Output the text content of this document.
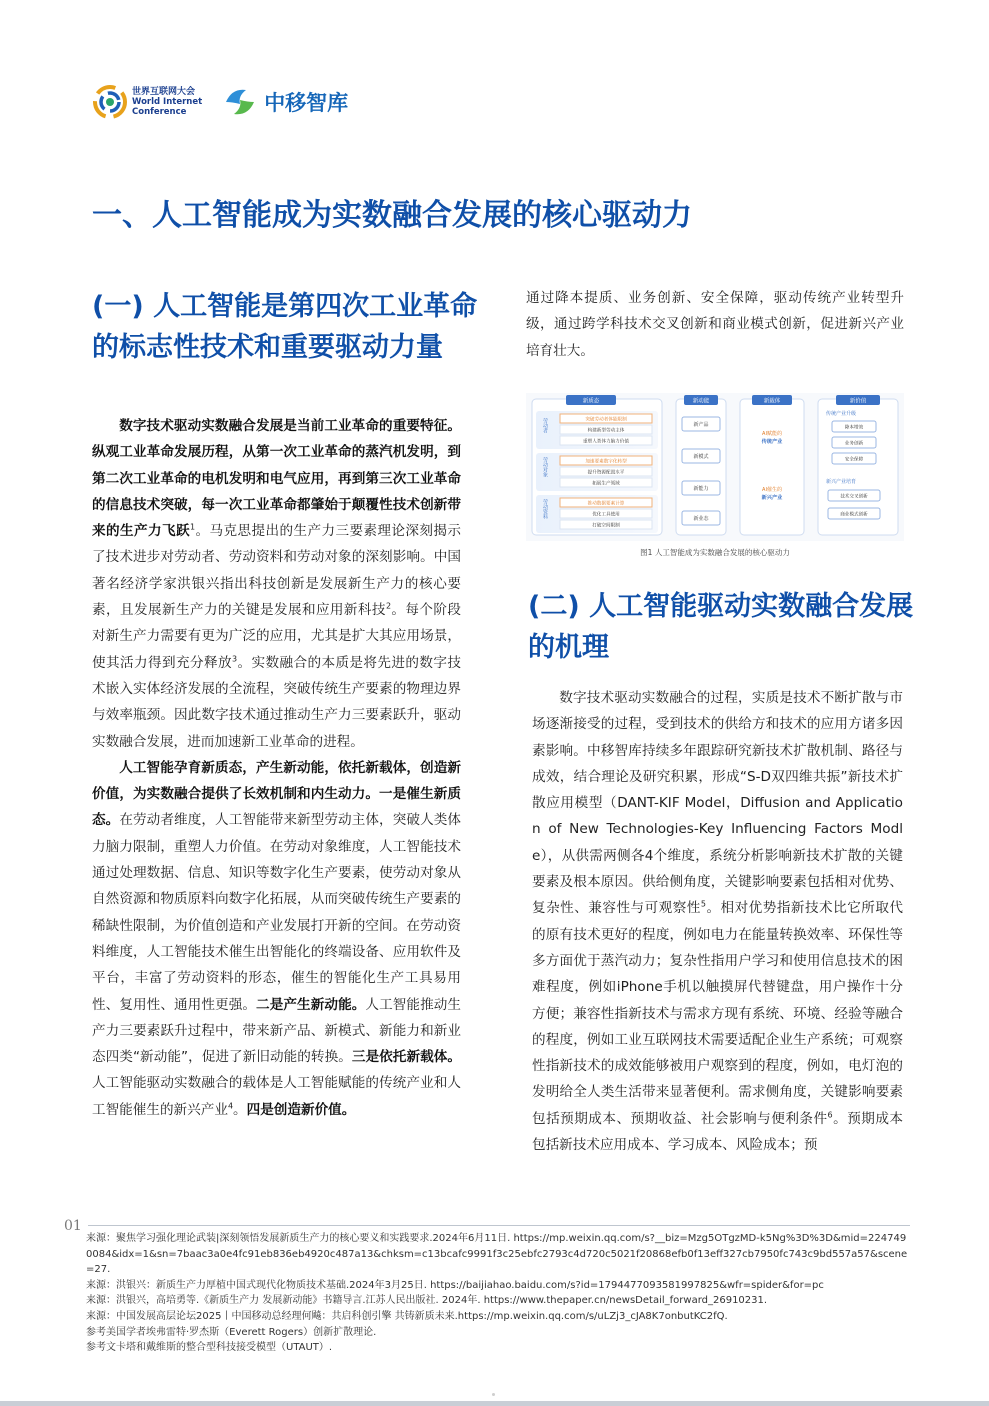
世界互联网大会
World Internet
Conference	中移智库
一、人工智能成为实数融合发展的核心驱动力
(一) 人工智能是第四次工业革命的标志性技术和重要驱动力量

数字技术驱动实数融合发展是当前工业革命的重要特征。纵观工业革命发展历程，从第一次工业革命的蒸汽机发明，到第二次工业革命的电机发明和电气应用，再到第三次工业革命的信息技术突破，每一次工业革命都肇始于颠覆性技术创新带来的生产力飞跃$^1$。马克思提出的生产力三要素理论深刻揭示了技术进步对劳动者、劳动资料和劳动对象的深刻影响。中国著名经济学家洪银兴指出科技创新是发展新生产力的核心要素，且发展新生产力的关键是发展和应用新科技$^2$。每个阶段对新生产力需要有更为广泛的应用，尤其是扩大其应用场景，使其活力得到充分释放$^3$。实数融合的本质是将先进的数字技术嵌入实体经济发展的全流程，突破传统生产要素的物理边界与效率瓶颈。因此数字技术通过推动生产力三要素跃升，驱动实数融合发展，进而加速新工业革命的进程。

人工智能孕育新质态，产生新动能，依托新载体，创造新价值，为实数融合提供了长效机制和内生动力。一是催生新质态。在劳动者维度，人工智能带来新型劳动主体，突破人类体力脑力限制，重塑人力价值。在劳动对象维度，人工智能技术通过处理数据、信息、知识等数字化生产要素，使劳动对象从自然资源和物质原料向数字化拓展，从而突破传统生产要素的稀缺性限制，为价值创造和产业发展打开新的空间。在劳动资料维度，人工智能技术催生出智能化的终端设备、应用软件及平台，丰富了劳动资料的形态，催生的智能化生产工具易用性、复用性、通用性更强。二是产生新动能。人工智能推动生产力三要素跃升过程中，带来新产品、新模式、新能力和新业态四类“新动能”，促进了新旧动能的转换。三是依托新载体。人工智能驱动实数融合的载体是人工智能赋能的传统产业和人工智能催生的新兴产业$^4$。四是创造新价值。

通过降本提质、业务创新、安全保障，驱动传统产业转型升级，通过跨学科技术交叉创新和商业模式创新，促进新兴产业培育壮大。

新质态	新动能	新载体	新价值
劳动者	突破劳动者体能限制
构建新型劳动主体
重塑人类体力脑力价值
劳动对象	加速要素数字化转型
提升资源配置水平
拓展生产领域
劳动资料	推动数据要素计算
优化工具使用
打破空间限制
新产品
新模式
新能力
新业态
AI赋能的
传统产业
AI催生的
新兴产业
传统产业升级
降本增效
业务创新
安全保障
新兴产业培育
技术交叉创新
商业模式创新
图1 人工智能成为实数融合发展的核心驱动力
(二) 人工智能驱动实数融合发展的机理

数字技术驱动实数融合的过程，实质是技术不断扩散与市场逐渐接受的过程，受到技术的供给方和技术的应用方诸多因素影响。中移智库持续多年跟踪研究新技术扩散机制、路径与成效，结合理论及研究积累，形成“S-D双四维共振”新技术扩散应用模型（DANT-KIF Model，Diffusion and Application of New Technologies-Key Influencing Factors Modle），从供需两侧各4个维度，系统分析影响新技术扩散的关键要素及根本原因。供给侧角度，关键影响要素包括相对优势、复杂性、兼容性与可观察性$^5$。相对优势指新技术比它所取代的原有技术更好的程度，例如电力在能量转换效率、环保性等多方面优于蒸汽动力；复杂性指用户学习和使用信息技术的困难程度，例如iPhone手机以触摸屏代替键盘，用户操作十分方便；兼容性指新技术与需求方现有系统、环境、经验等融合的程度，例如工业互联网技术需要适配企业生产系统；可观察性指新技术的成效能够被用户观察到的程度，例如，电灯泡的发明给全人类生活带来显著便利。需求侧角度，关键影响要素包括预期成本、预期收益、社会影响与便利条件$^6$。预期成本包括新技术应用成本、学习成本、风险成本；预

01
来源：聚焦学习强化理论武装|深刻领悟发展新质生产力的核心要义和实践要求.2024年6月11日. https://mp.weixin.qq.com/s?__biz=Mzg5OTgzMD-k5Ng%3D%3D&mid=2247490084&idx=1&sn=7baac3a0e4fc91eb836eb4920c487a13&chksm=c13bcafc9991f3c25ebfc2793c4d720c5021f20868efb0f13eff327cb7950fc743c9bd557a57&scene=27.
来源：洪银兴：新质生产力厚植中国式现代化物质技术基础.2024年3月25日. https://baijiahao.baidu.com/s?id=1794477093581997825&wfr=spider&for=pc
来源：洪银兴，高培勇等.《新质生产力 发展新动能》书籍导言.江苏人民出版社. 2024年. https://www.thepaper.cn/newsDetail_forward_26910231.
来源：中国发展高层论坛2025丨中国移动总经理何飚：共启科创引擎 共铸新质未来.https://mp.weixin.qq.com/s/uLZj3_cJA8K7onbutKC2fQ.
参考美国学者埃弗雷特·罗杰斯（Everett Rogers）创新扩散理论.
参考文卡塔和戴维斯的整合型科技接受模型（UTAUT）.
